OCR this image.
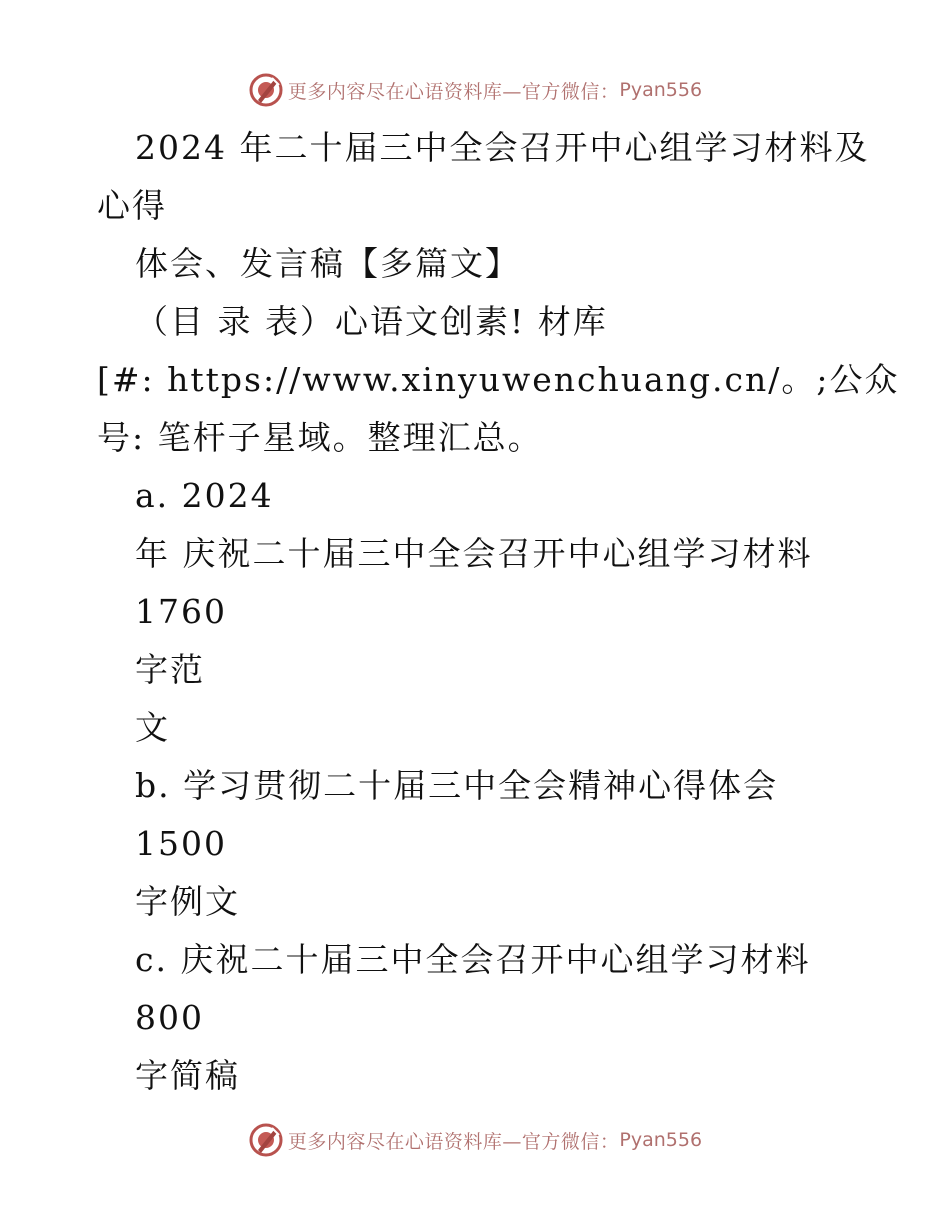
更多内容尽在心语资料库—官方微信： Pyan556
2024 年二十届三中全会召开中心组学习材料及
心得
体会、发言稿【多篇文】
（目 录 表）心语文创素! 材库
[#: https://www.xinyuwenchuang.cn/。;公众
号: 笔杆子星域。整理汇总。
a. 2024
年 庆祝二十届三中全会召开中心组学习材料
1760
字范
文
b. 学习贯彻二十届三中全会精神心得体会
1500
字例文
c. 庆祝二十届三中全会召开中心组学习材料
800
字简稿
更多内容尽在心语资料库—官方微信： Pyan556
